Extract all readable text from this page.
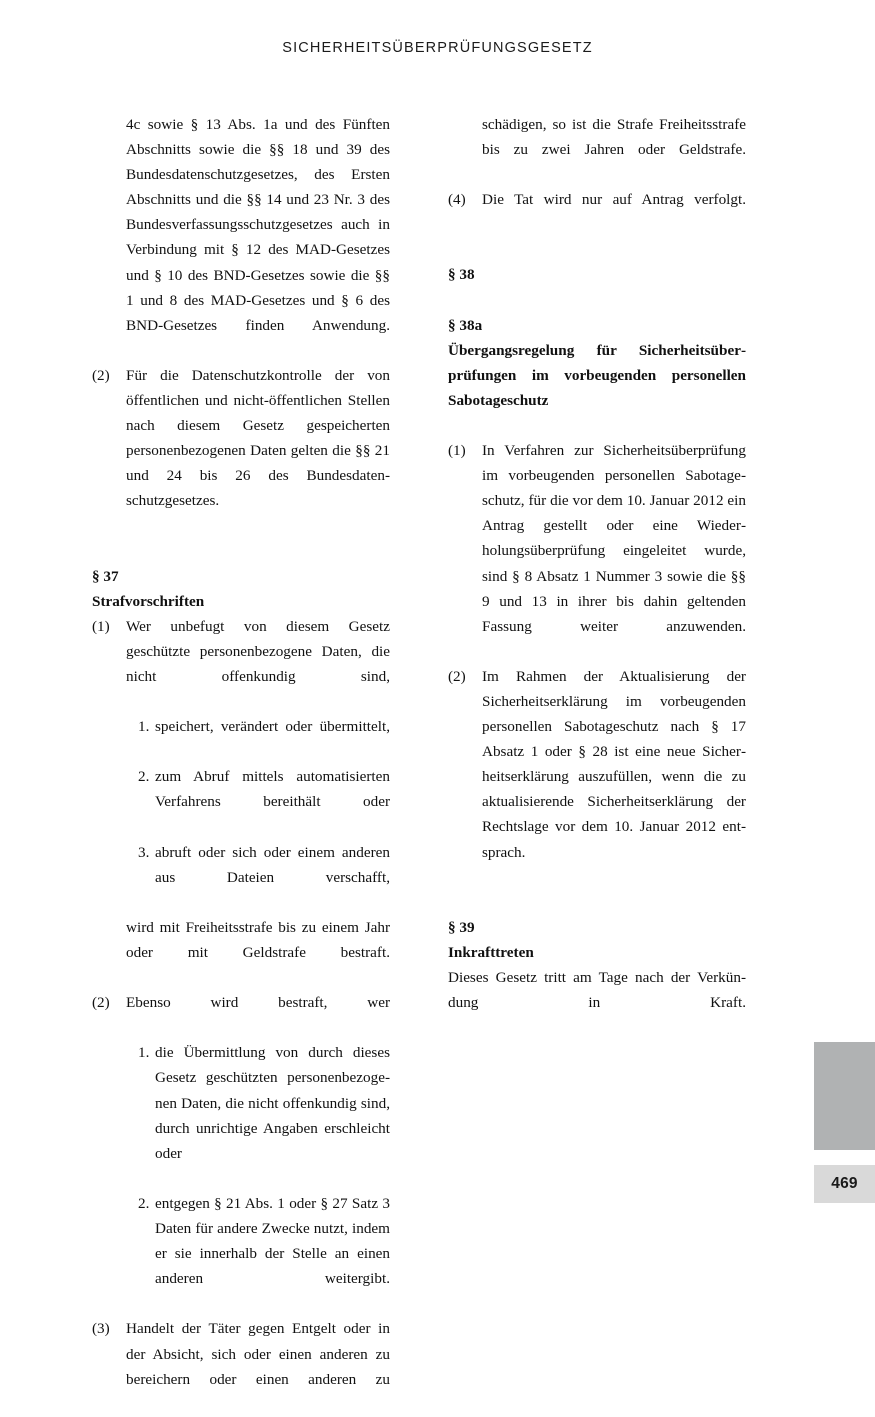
SICHERHEITSÜBERPRÜFUNGSGESETZ

4c sowie § 13 Abs. 1a und des Fünften Abschnitts sowie die §§ 18 und 39 des Bundesdatenschutzgesetzes, des Ersten Abschnitts und die §§ 14 und 23 Nr. 3 des Bundesverfassungsschutzgesetzes auch in Verbindung mit § 12 des MAD-Gesetzes und § 10 des BND-Gesetzes sowie die §§ 1 und 8 des MAD-Gesetzes und § 6 des BND-Gesetzes finden Anwendung.

(2)	Für die Datenschutzkontrolle der von öffentlichen und nicht-öffentlichen Stellen nach diesem Gesetz gespeicherten personenbezogenen Daten gelten die §§ 21 und 24 bis 26 des Bundesdatenschutzgesetzes.

§ 37

Strafvorschriften

(1)	Wer unbefugt von diesem Gesetz geschützte personenbezogene Daten, die nicht offenkundig sind,
1. speichert, verändert oder übermittelt,
2. zum Abruf mittels automatisierten Verfahrens bereithält oder
3. abruft oder sich oder einem anderen aus Dateien verschafft,

wird mit Freiheitsstrafe bis zu einem Jahr oder mit Geldstrafe bestraft.

(2)	Ebenso wird bestraft, wer
1. die Übermittlung von durch dieses Gesetz geschützten personenbezogenen Daten, die nicht offenkundig sind, durch unrichtige Angaben erschleicht oder
2. entgegen § 21 Abs. 1 oder § 27 Satz 3 Daten für andere Zwecke nutzt, indem er sie innerhalb der Stelle an einen anderen weitergibt.
(3)	Handelt der Täter gegen Entgelt oder in der Absicht, sich oder einen anderen zu bereichern oder einen anderen zu

schädigen, so ist die Strafe Freiheitsstrafe bis zu zwei Jahren oder Geldstrafe.

(4)	Die Tat wird nur auf Antrag verfolgt.

§ 38

§ 38a

Übergangsregelung für Sicherheitsüberprüfungen im vorbeugenden personellen Sabotageschutz

(1)	In Verfahren zur Sicherheitsüberprüfung im vorbeugenden personellen Sabotageschutz, für die vor dem 10. Januar 2012 ein Antrag gestellt oder eine Wiederholungsüberprüfung eingeleitet wurde, sind § 8 Absatz 1 Nummer 3 sowie die §§ 9 und 13 in ihrer bis dahin geltenden Fassung weiter anzuwenden.
(2)	Im Rahmen der Aktualisierung der Sicherheitserklärung im vorbeugenden personellen Sabotageschutz nach § 17 Absatz 1 oder § 28 ist eine neue Sicherheitserklärung auszufüllen, wenn die zu aktualisierende Sicherheitserklärung der Rechtslage vor dem 10. Januar 2012 entsprach.

§ 39

Inkrafttreten

Dieses Gesetz tritt am Tage nach der Verkündung in Kraft.

469
